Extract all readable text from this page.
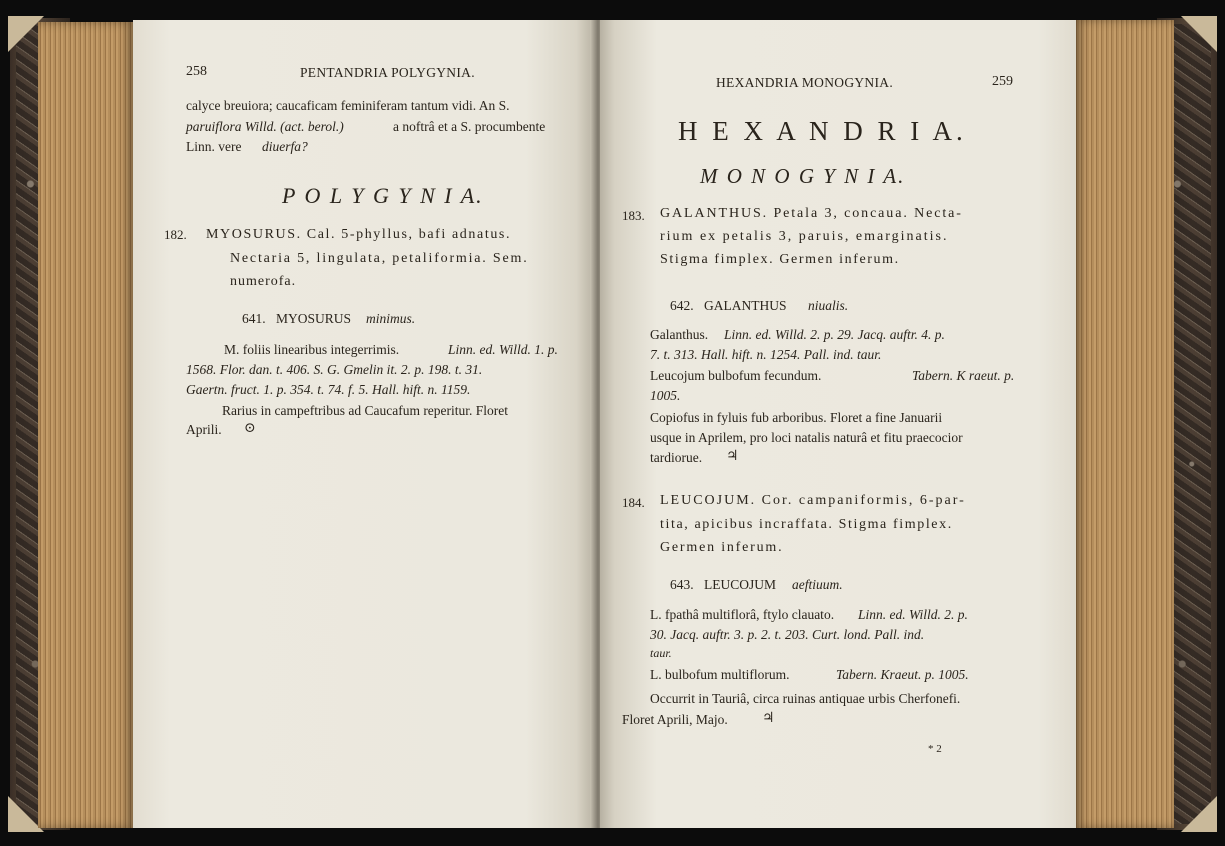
258	PENTANDRIA POLYGYNIA.
calyce breuiora; caucaficam feminiferam tantum vidi. An S.
paruiflora Willd. (act. berol.)	a noftrâ et a S. procumbente
Linn. vere diuerfa?
P O L Y G Y N I A.
182. MYOSURUS. Cal. 5-phyllus, bafi adnatus.
Nectaria 5, lingulata, petaliformia. Sem.
numerofa.
641. MYOSURUS minimus.
M. foliis linearibus integerrimis.	Linn. ed. Willd. 1. p.
1568. Flor. dan. t. 406. S. G. Gmelin it. 2. p. 198. t. 31.
Gaertn. fruct. 1. p. 354. t. 74. f. 5. Hall. hift. n. 1159.
Rarius in campeftribus ad Caucafum reperitur. Floret
Aprili. ⊙
HEXANDRIA MONOGYNIA.	259
H E X A N D R I A.
M O N O G Y N I A.
183. GALANTHUS. Petala 3, concaua. Necta-
rium ex petalis 3, paruis, emarginatis.
Stigma fimplex. Germen inferum.
642. GALANTHUS niualis.
Galanthus. Linn. ed. Willd. 2. p. 29. Jacq. auftr. 4. p.
7. t. 313. Hall. hift. n. 1254. Pall. ind. taur.
Leucojum bulbofum fecundum.	Tabern. K raeut. p.
1005.
Copiofus in fyluis fub arboribus. Floret a fine Januarii
usque in Aprilem, pro loci natalis naturâ et fitu praecocior
tardiorue. ♃
184. LEUCOJUM. Cor. campaniformis, 6-par-
tita, apicibus incraffata. Stigma fimplex.
Germen inferum.
643. LEUCOJUM aeftiuum.
L. fpathâ multiflorâ, ftylo clauato. Linn. ed. Willd. 2. p.
30. Jacq. auftr. 3. p. 2. t. 203. Curt. lond. Pall. ind.
taur.
L. bulbofum multiflorum.	Tabern. Kraeut. p. 1005.
Occurrit in Tauriâ, circa ruinas antiquae urbis Cherfonefi.
Floret Aprili, Majo. ♃
* 2
